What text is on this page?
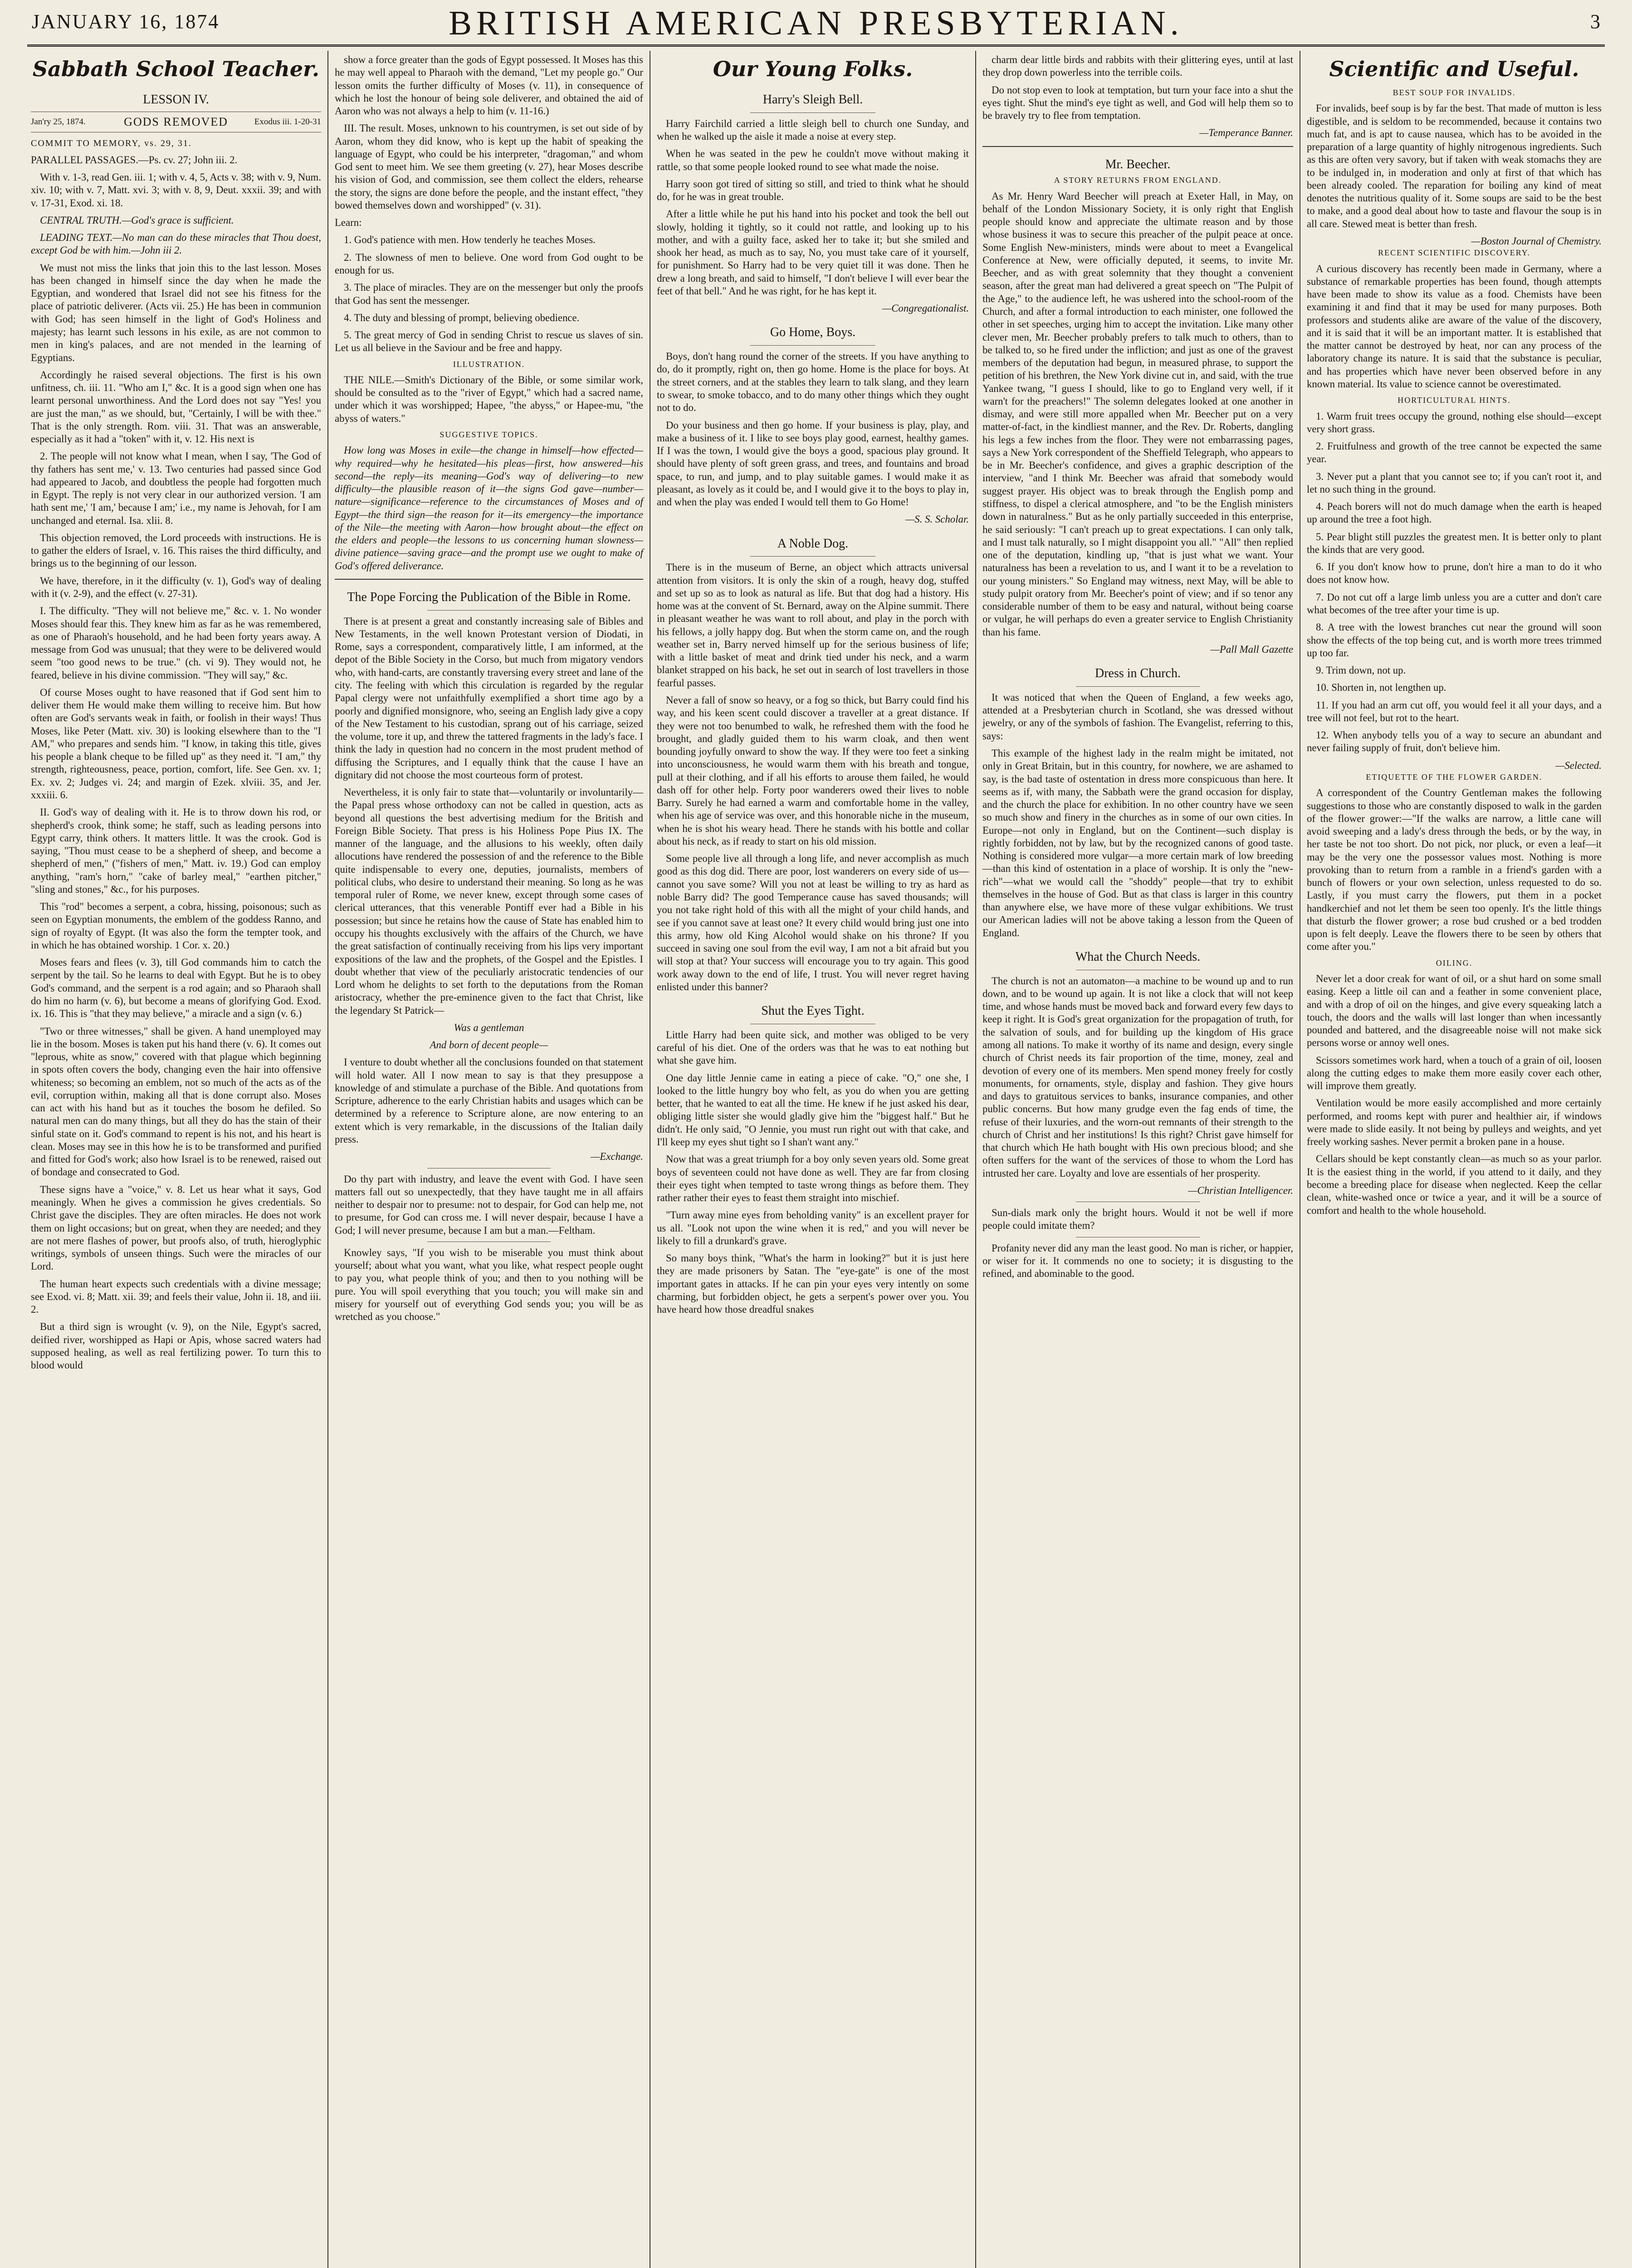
JANUARY 16, 1874	BRITISH AMERICAN PRESBYTERIAN.	3
Sabbath School Teacher.
LESSON IV.
Jan'ry 25, 1874.	GODS REMOVED	Exodus iii. 1-20-31

COMMIT TO MEMORY, vs. 29, 31.

PARALLEL PASSAGES.—Ps. cv. 27; John iii. 2.

With v. 1-3, read Gen. iii. 1; with v. 4, 5, Acts v. 38; with v. 9, Num. xiv. 10; with v. 7, Matt. xvi. 3; with v. 8, 9, Deut. xxxii. 39; and with v. 17-31, Exod. xi. 18.

CENTRAL TRUTH.—God's grace is sufficient.

LEADING TEXT.—No man can do these miracles that Thou doest, except God be with him.—John iii 2.

We must not miss the links that join this to the last lesson. Moses has been changed in himself since the day when he made the Egyptian, and wondered that Israel did not see his fitness for the place of patriotic deliverer. (Acts vii. 25.) He has been in communion with God; has seen himself in the light of God's Holiness and majesty; has learnt such lessons in his exile, as are not common to men in king's palaces, and are not mended in the learning of Egyptians.

Accordingly he raised several objections. The first is his own unfitness, ch. iii. 11. "Who am I," &c. It is a good sign when one has learnt personal unworthiness. And the Lord does not say "Yes! you are just the man," as we should, but, "Certainly, I will be with thee." That is the only strength. Rom. viii. 31. That was an answerable, especially as it had a "token" with it, v. 12. His next is

2. The people will not know what I mean, when I say, 'The God of thy fathers has sent me,' v. 13. Two centuries had passed since God had appeared to Jacob, and doubtless the people had forgotten much in Egypt. The reply is not very clear in our authorized version. 'I am hath sent me,' 'I am,' because I am;' i.e., my name is Jehovah, for I am unchanged and eternal. Isa. xlii. 8.

This objection removed, the Lord proceeds with instructions. He is to gather the elders of Israel, v. 16. This raises the third difficulty, and brings us to the beginning of our lesson.

We have, therefore, in it the difficulty (v. 1), God's way of dealing with it (v. 2-9), and the effect (v. 27-31).

I. The difficulty. "They will not believe me," &c. v. 1. No wonder Moses should fear this. They knew him as far as he was remembered, as one of Pharaoh's household, and he had been forty years away. A message from God was unusual; that they were to be delivered would seem "too good news to be true." (ch. vi 9). They would not, he feared, believe in his divine commission. "They will say," &c.

Of course Moses ought to have reasoned that if God sent him to deliver them He would make them willing to receive him. But how often are God's servants weak in faith, or foolish in their ways! Thus Moses, like Peter (Matt. xiv. 30) is looking elsewhere than to the "I AM," who prepares and sends him. "I know, in taking this title, gives his people a blank cheque to be filled up" as they need it. "I am," thy strength, righteousness, peace, portion, comfort, life. See Gen. xv. 1; Ex. xv. 2; Judges vi. 24; and margin of Ezek. xlviii. 35, and Jer. xxxiii. 6.

II. God's way of dealing with it. He is to throw down his rod, or shepherd's crook, think some; he staff, such as leading persons into Egypt carry, think others. It matters little. It was the crook. God is saying, "Thou must cease to be a shepherd of sheep, and become a shepherd of men," ("fishers of men," Matt. iv. 19.) God can employ anything, "ram's horn," "cake of barley meal," "earthen pitcher," "sling and stones," &c., for his purposes.

This "rod" becomes a serpent, a cobra, hissing, poisonous; such as seen on Egyptian monuments, the emblem of the goddess Ranno, and sign of royalty of Egypt. (It was also the form the tempter took, and in which he has obtained worship. 1 Cor. x. 20.)

Moses fears and flees (v. 3), till God commands him to catch the serpent by the tail. So he learns to deal with Egypt. But he is to obey God's command, and the serpent is a rod again; and so Pharaoh shall do him no harm (v. 6), but become a means of glorifying God. Exod. ix. 16. This is "that they may believe," a miracle and a sign (v. 6.)

"Two or three witnesses," shall be given. A hand unemployed may lie in the bosom. Moses is taken put his hand there (v. 6). It comes out "leprous, white as snow," covered with that plague which beginning in spots often covers the body, changing even the hair into offensive whiteness; so becoming an emblem, not so much of the acts as of the evil, corruption within, making all that is done corrupt also. Moses can act with his hand but as it touches the bosom he defiled. So natural men can do many things, but all they do has the stain of their sinful state on it. God's command to repent is his not, and his heart is clean. Moses may see in this how he is to be transformed and purified and fitted for God's work; also how Israel is to be renewed, raised out of bondage and consecrated to God.

These signs have a "voice," v. 8. Let us hear what it says, God meaningly. When he gives a commission he gives credentials. So Christ gave the disciples. They are often miracles. He does not work them on light occasions; but on great, when they are needed; and they are not mere flashes of power, but proofs also, of truth, hieroglyphic writings, symbols of unseen things. Such were the miracles of our Lord.

The human heart expects such credentials with a divine message; see Exod. vi. 8; Matt. xii. 39; and feels their value, John ii. 18, and iii. 2.

But a third sign is wrought (v. 9), on the Nile, Egypt's sacred, deified river, worshipped as Hapi or Apis, whose sacred waters had supposed healing, as well as real fertilizing power. To turn this to blood would

show a force greater than the gods of Egypt possessed. It Moses has this he may well appeal to Pharaoh with the demand, "Let my people go." Our lesson omits the further difficulty of Moses (v. 11), in consequence of which he lost the honour of being sole deliverer, and obtained the aid of Aaron who was not always a help to him (v. 11-16.)

III. The result. Moses, unknown to his countrymen, is set out side of by Aaron, whom they did know, who is kept up the habit of speaking the language of Egypt, who could be his interpreter, "dragoman," and whom God sent to meet him. We see them greeting (v. 27), hear Moses describe his vision of God, and commission, see them collect the elders, rehearse the story, the signs are done before the people, and the instant effect, "they bowed themselves down and worshipped" (v. 31).

Learn:

1. God's patience with men. How tenderly he teaches Moses.

2. The slowness of men to believe. One word from God ought to be enough for us.

3. The place of miracles. They are on the messenger but only the proofs that God has sent the messenger.

4. The duty and blessing of prompt, believing obedience.

5. The great mercy of God in sending Christ to rescue us slaves of sin. Let us all believe in the Saviour and be free and happy.

ILLUSTRATION.

THE NILE.—Smith's Dictionary of the Bible, or some similar work, should be consulted as to the "river of Egypt," which had a sacred name, under which it was worshipped; Hapee, "the abyss," or Hapee-mu, "the abyss of waters."

SUGGESTIVE TOPICS.

How long was Moses in exile—the change in himself—how effected—why required—why he hesitated—his pleas—first, how answered—his second—the reply—its meaning—God's way of delivering—to new difficulty—the plausible reason of it—the signs God gave—number—nature—significance—reference to the circumstances of Moses and of Egypt—the third sign—the reason for it—its emergency—the importance of the Nile—the meeting with Aaron—how brought about—the effect on the elders and people—the lessons to us concerning human slowness—divine patience—saving grace—and the prompt use we ought to make of God's offered deliverance.

The Pope Forcing the Publication of the Bible in Rome.

There is at present a great and constantly increasing sale of Bibles and New Testaments, in the well known Protestant version of Diodati, in Rome, says a correspondent, comparatively little, I am informed, at the depot of the Bible Society in the Corso, but much from migatory vendors who, with hand-carts, are constantly traversing every street and lane of the city. The feeling with which this circulation is regarded by the regular Papal clergy were not unfaithfully exemplified a short time ago by a poorly and dignified monsignore, who, seeing an English lady give a copy of the New Testament to his custodian, sprang out of his carriage, seized the volume, tore it up, and threw the tattered fragments in the lady's face. I think the lady in question had no concern in the most prudent method of diffusing the Scriptures, and I equally think that the cause I have an dignitary did not choose the most courteous form of protest.

Nevertheless, it is only fair to state that—voluntarily or involuntarily—the Papal press whose orthodoxy can not be called in question, acts as beyond all questions the best advertising medium for the British and Foreign Bible Society. That press is his Holiness Pope Pius IX. The manner of the language, and the allusions to his weekly, often daily allocutions have rendered the possession of and the reference to the Bible quite indispensable to every one, deputies, journalists, members of political clubs, who desire to understand their meaning. So long as he was temporal ruler of Rome, we never knew, except through some cases of clerical utterances, that this venerable Pontiff ever had a Bible in his possession; but since he retains how the cause of State has enabled him to occupy his thoughts exclusively with the affairs of the Church, we have the great satisfaction of continually receiving from his lips very important expositions of the law and the prophets, of the Gospel and the Epistles. I doubt whether that view of the peculiarly aristocratic tendencies of our Lord whom he delights to set forth to the deputations from the Roman aristocracy, whether the pre-eminence given to the fact that Christ, like the legendary St Patrick—

Was a gentleman

And born of decent people—

I venture to doubt whether all the conclusions founded on that statement will hold water. All I now mean to say is that they presuppose a knowledge of and stimulate a purchase of the Bible. And quotations from Scripture, adherence to the early Christian habits and usages which can be determined by a reference to Scripture alone, are now entering to an extent which is very remarkable, in the discussions of the Italian daily press.

—Exchange.

Do thy part with industry, and leave the event with God. I have seen matters fall out so unexpectedly, that they have taught me in all affairs neither to despair nor to presume: not to despair, for God can help me, not to presume, for God can cross me. I will never despair, because I have a God; I will never presume, because I am but a man.—Feltham.

Knowley says, "If you wish to be miserable you must think about yourself; about what you want, what you like, what respect people ought to pay you, what people think of you; and then to you nothing will be pure. You will spoil everything that you touch; you will make sin and misery for yourself out of everything God sends you; you will be as wretched as you choose."

Our Young Folks.
Harry's Sleigh Bell.

Harry Fairchild carried a little sleigh bell to church one Sunday, and when he walked up the aisle it made a noise at every step.

When he was seated in the pew he couldn't move without making it rattle, so that some people looked round to see what made the noise.

Harry soon got tired of sitting so still, and tried to think what he should do, for he was in great trouble.

After a little while he put his hand into his pocket and took the bell out slowly, holding it tightly, so it could not rattle, and looking up to his mother, and with a guilty face, asked her to take it; but she smiled and shook her head, as much as to say, No, you must take care of it yourself, for punishment. So Harry had to be very quiet till it was done. Then he drew a long breath, and said to himself, "I don't believe I will ever bear the feet of that bell." And he was right, for he has kept it.

—Congregationalist.
Go Home, Boys.

Boys, don't hang round the corner of the streets. If you have anything to do, do it promptly, right on, then go home. Home is the place for boys. At the street corners, and at the stables they learn to talk slang, and they learn to swear, to smoke tobacco, and to do many other things which they ought not to do.

Do your business and then go home. If your business is play, play, and make a business of it. I like to see boys play good, earnest, healthy games. If I was the town, I would give the boys a good, spacious play ground. It should have plenty of soft green grass, and trees, and fountains and broad space, to run, and jump, and to play suitable games. I would make it as pleasant, as lovely as it could be, and I would give it to the boys to play in, and when the play was ended I would tell them to Go Home!

—S. S. Scholar.
A Noble Dog.

There is in the museum of Berne, an object which attracts universal attention from visitors. It is only the skin of a rough, heavy dog, stuffed and set up so as to look as natural as life. But that dog had a history. His home was at the convent of St. Bernard, away on the Alpine summit. There in pleasant weather he was want to roll about, and play in the porch with his fellows, a jolly happy dog. But when the storm came on, and the rough weather set in, Barry nerved himself up for the serious business of life; with a little basket of meat and drink tied under his neck, and a warm blanket strapped on his back, he set out in search of lost travellers in those fearful passes.

Never a fall of snow so heavy, or a fog so thick, but Barry could find his way, and his keen scent could discover a traveller at a great distance. If they were not too benumbed to walk, he refreshed them with the food he brought, and gladly guided them to his warm cloak, and then went bounding joyfully onward to show the way. If they were too feet a sinking into unconsciousness, he would warm them with his breath and tongue, pull at their clothing, and if all his efforts to arouse them failed, he would dash off for other help. Forty poor wanderers owed their lives to noble Barry. Surely he had earned a warm and comfortable home in the valley, when his age of service was over, and this honorable niche in the museum, when he is shot his weary head. There he stands with his bottle and collar about his neck, as if ready to start on his old mission.

Some people live all through a long life, and never accomplish as much good as this dog did. There are poor, lost wanderers on every side of us—cannot you save some? Will you not at least be willing to try as hard as noble Barry did? The good Temperance cause has saved thousands; will you not take right hold of this with all the might of your child hands, and see if you cannot save at least one? It every child would bring just one into this army, how old King Alcohol would shake on his throne? If you succeed in saving one soul from the evil way, I am not a bit afraid but you will stop at that? Your success will encourage you to try again. This good work away down to the end of life, I trust. You will never regret having enlisted under this banner?

Shut the Eyes Tight.

Little Harry had been quite sick, and mother was obliged to be very careful of his diet. One of the orders was that he was to eat nothing but what she gave him.

One day little Jennie came in eating a piece of cake. "O," one she, I looked to the little hungry boy who felt, as you do when you are getting better, that he wanted to eat all the time. He knew if he just asked his dear, obliging little sister she would gladly give him the "biggest half." But he didn't. He only said, "O Jennie, you must run right out with that cake, and I'll keep my eyes shut tight so I shan't want any."

Now that was a great triumph for a boy only seven years old. Some great boys of seventeen could not have done as well. They are far from closing their eyes tight when tempted to taste wrong things as before them. They rather rather their eyes to feast them straight into mischief.

"Turn away mine eyes from beholding vanity" is an excellent prayer for us all. "Look not upon the wine when it is red," and you will never be likely to fill a drunkard's grave.

So many boys think, "What's the harm in looking?" but it is just here they are made prisoners by Satan. The "eye-gate" is one of the most important gates in attacks. If he can pin your eyes very intently on some charming, but forbidden object, he gets a serpent's power over you. You have heard how those dreadful snakes

charm dear little birds and rabbits with their glittering eyes, until at last they drop down powerless into the terrible coils.

Do not stop even to look at temptation, but turn your face into a shut the eyes tight. Shut the mind's eye tight as well, and God will help them so to be bravely try to flee from temptation.

—Temperance Banner.
Mr. Beecher.
A STORY RETURNS FROM ENGLAND.

As Mr. Henry Ward Beecher will preach at Exeter Hall, in May, on behalf of the London Missionary Society, it is only right that English people should know and appreciate the ultimate reason and by those whose business it was to secure this preacher of the pulpit peace at once. Some English New-ministers, minds were about to meet a Evangelical Conference at New, were officially deputed, it seems, to invite Mr. Beecher, and as with great solemnity that they thought a convenient season, after the great man had delivered a great speech on "The Pulpit of the Age," to the audience left, he was ushered into the school-room of the Church, and after a formal introduction to each minister, one followed the other in set speeches, urging him to accept the invitation. Like many other clever men, Mr. Beecher probably prefers to talk much to others, than to be talked to, so he fired under the infliction; and just as one of the gravest members of the deputation had begun, in measured phrase, to support the petition of his brethren, the New York divine cut in, and said, with the true Yankee twang, "I guess I should, like to go to England very well, if it warn't for the preachers!" The solemn delegates looked at one another in dismay, and were still more appalled when Mr. Beecher put on a very matter-of-fact, in the kindliest manner, and the Rev. Dr. Roberts, dangling his legs a few inches from the floor. They were not embarrassing pages, says a New York correspondent of the Sheffield Telegraph, who appears to be in Mr. Beecher's confidence, and gives a graphic description of the interview, "and I think Mr. Beecher was afraid that somebody would suggest prayer. His object was to break through the English pomp and stiffness, to dispel a clerical atmosphere, and "to be the English ministers down in naturalness." But as he only partially succeeded in this enterprise, he said seriously: "I can't preach up to great expectations. I can only talk, and I must talk naturally, so I might disappoint you all." "All" then replied one of the deputation, kindling up, "that is just what we want. Your naturalness has been a revelation to us, and I want it to be a revelation to our young ministers." So England may witness, next May, will be able to study pulpit oratory from Mr. Beecher's point of view; and if so tenor any considerable number of them to be easy and natural, without being coarse or vulgar, he will perhaps do even a greater service to English Christianity than his fame.

—Pall Mall Gazette
Dress in Church.

It was noticed that when the Queen of England, a few weeks ago, attended at a Presbyterian church in Scotland, she was dressed without jewelry, or any of the symbols of fashion. The Evangelist, referring to this, says:

This example of the highest lady in the realm might be imitated, not only in Great Britain, but in this country, for nowhere, we are ashamed to say, is the bad taste of ostentation in dress more conspicuous than here. It seems as if, with many, the Sabbath were the grand occasion for display, and the church the place for exhibition. In no other country have we seen so much show and finery in the churches as in some of our own cities. In Europe—not only in England, but on the Continent—such display is rightly forbidden, not by law, but by the recognized canons of good taste. Nothing is considered more vulgar—a more certain mark of low breeding—than this kind of ostentation in a place of worship. It is only the "new-rich"—what we would call the "shoddy" people—that try to exhibit themselves in the house of God. But as that class is larger in this country than anywhere else, we have more of these vulgar exhibitions. We trust our American ladies will not be above taking a lesson from the Queen of England.

What the Church Needs.

The church is not an automaton—a machine to be wound up and to run down, and to be wound up again. It is not like a clock that will not keep time, and whose hands must be moved back and forward every few days to keep it right. It is God's great organization for the propagation of truth, for the salvation of souls, and for building up the kingdom of His grace among all nations. To make it worthy of its name and design, every single church of Christ needs its fair proportion of the time, money, zeal and devotion of every one of its members. Men spend money freely for costly monuments, for ornaments, style, display and fashion. They give hours and days to gratuitous services to banks, insurance companies, and other public concerns. But how many grudge even the fag ends of time, the refuse of their luxuries, and the worn-out remnants of their strength to the church of Christ and her institutions! Is this right? Christ gave himself for that church which He hath bought with His own precious blood; and she often suffers for the want of the services of those to whom the Lord has intrusted her care. Loyalty and love are essentials of her prosperity.

—Christian Intelligencer.

Sun-dials mark only the bright hours. Would it not be well if more people could imitate them?

Profanity never did any man the least good. No man is richer, or happier, or wiser for it. It commends no one to society; it is disgusting to the refined, and abominable to the good.

Scientific and Useful.
BEST SOUP FOR INVALIDS.

For invalids, beef soup is by far the best. That made of mutton is less digestible, and is seldom to be recommended, because it contains two much fat, and is apt to cause nausea, which has to be avoided in the preparation of a large quantity of highly nitrogenous ingredients. Such as this are often very savory, but if taken with weak stomachs they are to be indulged in, in moderation and only at first of that which has been already cooled. The reparation for boiling any kind of meat denotes the nutritious quality of it. Some soups are said to be the best to make, and a good deal about how to taste and flavour the soup is in all care. Stewed meat is better than fresh.

—Boston Journal of Chemistry.
RECENT SCIENTIFIC DISCOVERY.

A curious discovery has recently been made in Germany, where a substance of remarkable properties has been found, though attempts have been made to show its value as a food. Chemists have been examining it and find that it may be used for many purposes. Both professors and students alike are aware of the value of the discovery, and it is said that it will be an important matter. It is established that the matter cannot be destroyed by heat, nor can any process of the laboratory change its nature. It is said that the substance is peculiar, and has properties which have never been observed before in any known material. Its value to science cannot be overestimated.

HORTICULTURAL HINTS.

1. Warm fruit trees occupy the ground, nothing else should—except very short grass.

2. Fruitfulness and growth of the tree cannot be expected the same year.

3. Never put a plant that you cannot see to; if you can't root it, and let no such thing in the ground.

4. Peach borers will not do much damage when the earth is heaped up around the tree a foot high.

5. Pear blight still puzzles the greatest men. It is better only to plant the kinds that are very good.

6. If you don't know how to prune, don't hire a man to do it who does not know how.

7. Do not cut off a large limb unless you are a cutter and don't care what becomes of the tree after your time is up.

8. A tree with the lowest branches cut near the ground will soon show the effects of the top being cut, and is worth more trees trimmed up too far.

9. Trim down, not up.

10. Shorten in, not lengthen up.

11. If you had an arm cut off, you would feel it all your days, and a tree will not feel, but rot to the heart.

12. When anybody tells you of a way to secure an abundant and never failing supply of fruit, don't believe him.

—Selected.
ETIQUETTE OF THE FLOWER GARDEN.

A correspondent of the Country Gentleman makes the following suggestions to those who are constantly disposed to walk in the garden of the flower grower:—"If the walks are narrow, a little cane will avoid sweeping and a lady's dress through the beds, or by the way, in her taste be not too short. Do not pick, nor pluck, or even a leaf—it may be the very one the possessor values most. Nothing is more provoking than to return from a ramble in a friend's garden with a bunch of flowers or your own selection, unless requested to do so. Lastly, if you must carry the flowers, put them in a pocket handkerchief and not let them be seen too openly. It's the little things that disturb the flower grower; a rose bud crushed or a bed trodden upon is felt deeply. Leave the flowers there to be seen by others that come after you."

OILING.

Never let a door creak for want of oil, or a shut hard on some small easing. Keep a little oil can and a feather in some convenient place, and with a drop of oil on the hinges, and give every squeaking latch a touch, the doors and the walls will last longer than when incessantly pounded and battered, and the disagreeable noise will not make sick persons worse or annoy well ones.

Scissors sometimes work hard, when a touch of a grain of oil, loosen along the cutting edges to make them more easily cover each other, will improve them greatly.

Ventilation would be more easily accomplished and more certainly performed, and rooms kept with purer and healthier air, if windows were made to slide easily. It not being by pulleys and weights, and yet freely working sashes. Never permit a broken pane in a house.

Cellars should be kept constantly clean—as much so as your parlor. It is the easiest thing in the world, if you attend to it daily, and they become a breeding place for disease when neglected. Keep the cellar clean, white-washed once or twice a year, and it will be a source of comfort and health to the whole household.
